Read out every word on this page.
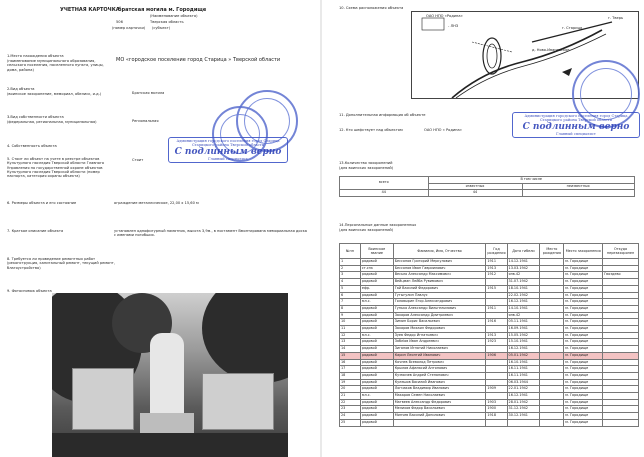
УЧЕТНАЯ КАРТОЧКА
братская могила м. Городище
(Наименование объекта)
506	Тверская область
(номер карточки) (субъект)
1.Место нахождения объекта
(наименование муниципального образования, сельского поселения, населенного пункта, улицы, дома, района)
МО «городское поселение город Старица » Тверской области
2.Вид объекта
(воинское захоронение, мемориал, обелиск, и.д.)	Братская могила
3.Вид собственности объекта
(федеральная, региональная, муниципальная)	Региональная
4. Собственность объекта
5. Стоит ли объект на учете в реестре объектов Культурного наследия Тверской области Главного Управления по государственной охране объектов Культурного наследия Тверской области (номер паспорта, категория охраны объекта)
Стоит
6. Размеры объекта и его состояние	ограждение металлическое, 22,00 х 15,60 м
7. Краткое описание объекта	установлен однофигурный памятник, высота 3,9м., в постамент Вмонтирована мемориальная доска с именами погибших.
8. Требуется ли проведение ремонтных работ (реконструкция, капитальный ремонт, текущий ремонт, благоустройство)
9. Фотоснимок объекта
Администрация городского поселения город Старица Старицкого района Тверской области
С подлинным верно
Главный специалист
10. Схема расположения объекта
ОАО НПО «Родина»
- ЛНЗ	г. Старица
д. Ново-Ивановское
г. Тверь
11. Дополнительная информация об объекте
12. Кто шефствует над объектом	ОАО НПО « Родина»
13.Количество захоронений
(для воинских захоронений)
всего	В том числе	
	известных	неизвестных
44	44	
14.Персональные данные захороненных
(для воинских захоронений)
№пп	Воинское звание	Фамилия, Имя, Отчество	Год рождения	Дата гибели	Место рождения	Место захоронения	Откуда перезахоронен
1	рядовой	Бессонов Григорий Меркулович	1911	14.12.1941		м. Городище	
2	ст.снк	Бессонов Иван Гавриилович	1913	13.03.1942		м. Городище	
3	рядовой	Весьло Александр Максимович	1912	янв.42		м. Городище	Гвоздево
4	рядовой	Вейцман Лейба Рувимович		31.07.1942		м. Городище	
5	ефр.	Гай Василий Федорович	1915	18.10.1941		м. Городище	
6	рядовой	Гутыгулин Павлус		22.02.1942		м. Городище	
7	мл.с.	Головырин Егор Александрович		16.12.1941		м. Городище	
8	рядовой	Гунько Александр Вильгельмович	1911	14.10.1941		м. Городище	
9	рядовой	Захаров Александр Дмитриевич		янв.42		м. Городище	
10	рядовой	Зимин Борис Васильевич	1916	05.11.1941		м. Городище	
11	рядовой	Захаров Михаил Федорович		16.09.1941		м. Городище	
12	мл.с.	Зуев Федор Игнатьевич	1913	15.05.1942		м. Городище	
13	рядовой	Зябліов Иван Андреевич	1923	15.10.1941		м. Городище	
14	рядовой	Зиганов Игнатий Николаевич		16.12.1941		м. Городище	
15	рядовой	Карин Леонтий Иванович	1906	05.01.1942		м. Городище	
16	рядовой	Кочнев Всеволод Петрович		16.10.1941		м. Городище	
17	рядовой	Крылов Афанасий Антонович		16.11.1941		м. Городище	
18	рядовой	Кузмичев Андрей Степанович		16.11.1941		м. Городище	
19	рядовой	Кулешов Василий Иванович		06.03.1944		м. Городище	
20	рядовой	Лончаков Владимир Иванович	1909	22.01.1942		м. Городище	
21	мл.с.	Макаров Семен Николаевич		16.12.1941		м. Городище	
22	рядовой	Матвеев Александр Федорович	1903	28.01.1942		м. Городище	
23	рядовой	Мелихов Федор Васильевич	1900	31.12.1942		м. Городище	
24	рядовой	Минчев Василий Данилович	1918	30.12.1941		м. Городище	
25	рядовой					м. Городище	
Администрация городского поселения город Старица Старицкого района Тверской области
С подлинным верно
Главный специалист
